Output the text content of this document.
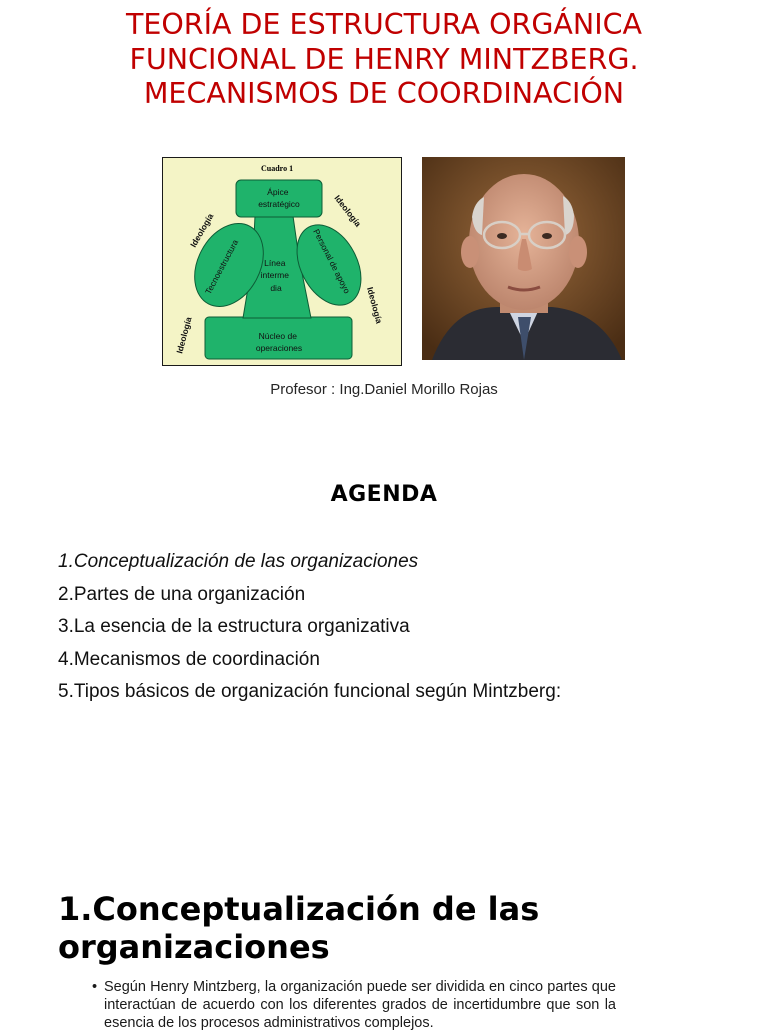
TEORÍA DE ESTRUCTURA ORGÁNICA FUNCIONAL DE HENRY MINTZBERG. MECANISMOS DE COORDINACIÓN
Cuadro 1
Ápice estratégico
Línea interme dia
Núcleo de operaciones
Tecnoestructura	Personal de apoyo
Ideología
Ideología
Ideología
Ideología
Profesor : Ing.Daniel Morillo Rojas
AGENDA
1.Conceptualización de las organizaciones
2.Partes de una organización
3.La esencia de la estructura organizativa
4.Mecanismos de coordinación
5.Tipos básicos de organización funcional según Mintzberg:
1.Conceptualización de las organizaciones
• Según Henry Mintzberg, la organización puede ser dividida en cinco partes que interactúan de acuerdo con los diferentes grados de incertidumbre que son la esencia de los procesos administrativos complejos.
